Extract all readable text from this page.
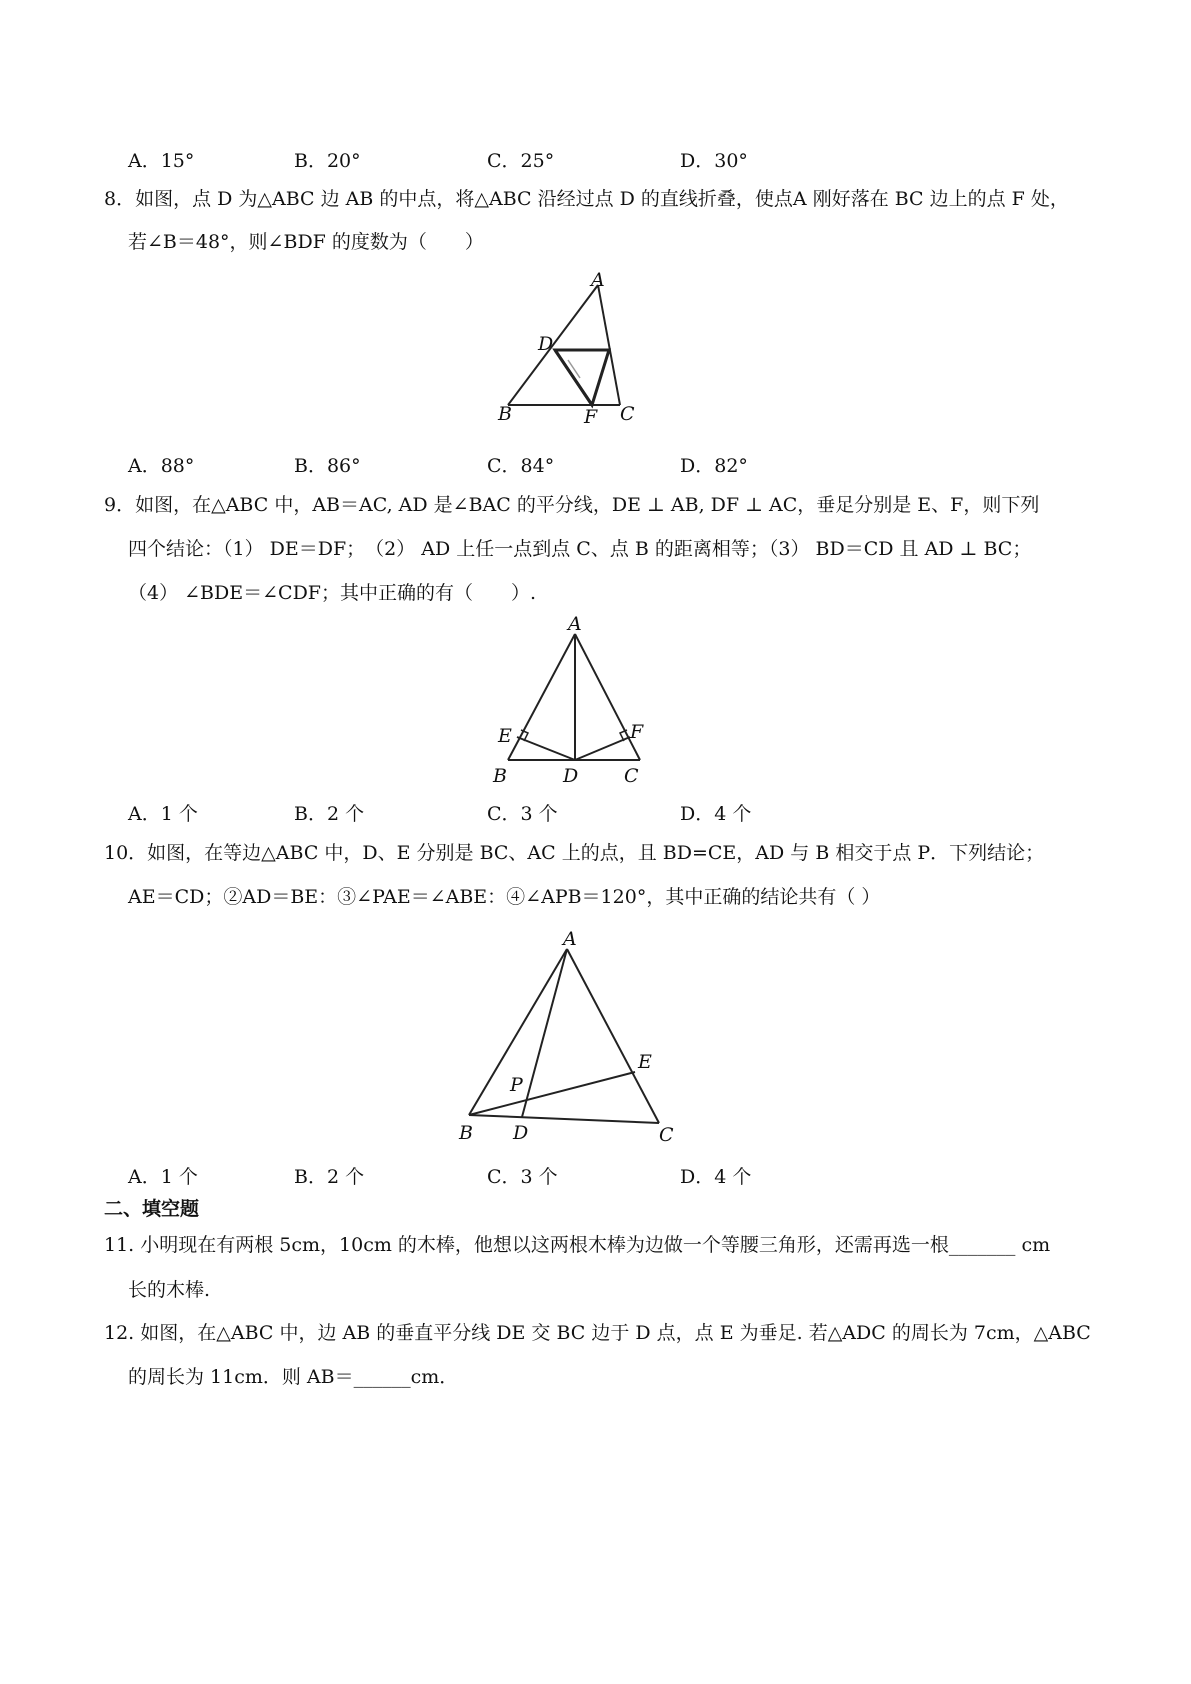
A．15°	B．20°	C．25°	D．30°
8．如图，点 D 为△ABC 边 AB 的中点，将△ABC 沿经过点 D 的直线折叠，使点A 刚好落在 BC 边上的点 F 处，
若∠B＝48°，则∠BDF 的度数为（　　）
A
D
B	F C
A．88°	B．86°	C．84°	D．82°
9．如图，在△ABC 中，AB＝AC, AD 是∠BAC 的平分线，DE ⊥ AB, DF ⊥ AC，垂足分别是 E、F，则下列
四个结论：（1） DE＝DF；　（2） AD 上任一点到点 C、点 B 的距离相等；（3） BD＝CD 且 AD ⊥ BC；
（4） ∠BDE＝∠CDF；其中正确的有（　　）.
A
E	F
B	D C
A．1 个	B．2 个	C．3 个	D．4 个
10．如图，在等边△ABC 中，D、E 分别是 BC、AC 上的点，且 BD=CE，AD 与 B 相交于点 P．下列结论；
AE＝CD；②AD＝BE：③∠PAE＝∠ABE：④∠APB＝120°，其中正确的结论共有（ ）
A
E
P
B D	C
A．1 个	B．2 个	C．3 个	D．4 个
二、填空题
11. 小明现在有两根 5cm，10cm 的木棒，他想以这两根木棒为边做一个等腰三角形，还需再选一根_______ cm
长的木棒.
12. 如图，在△ABC 中，边 AB 的垂直平分线 DE 交 BC 边于 D 点，点 E 为垂足. 若△ADC 的周长为 7cm，△ABC
的周长为 11cm．则 AB＝______cm．
